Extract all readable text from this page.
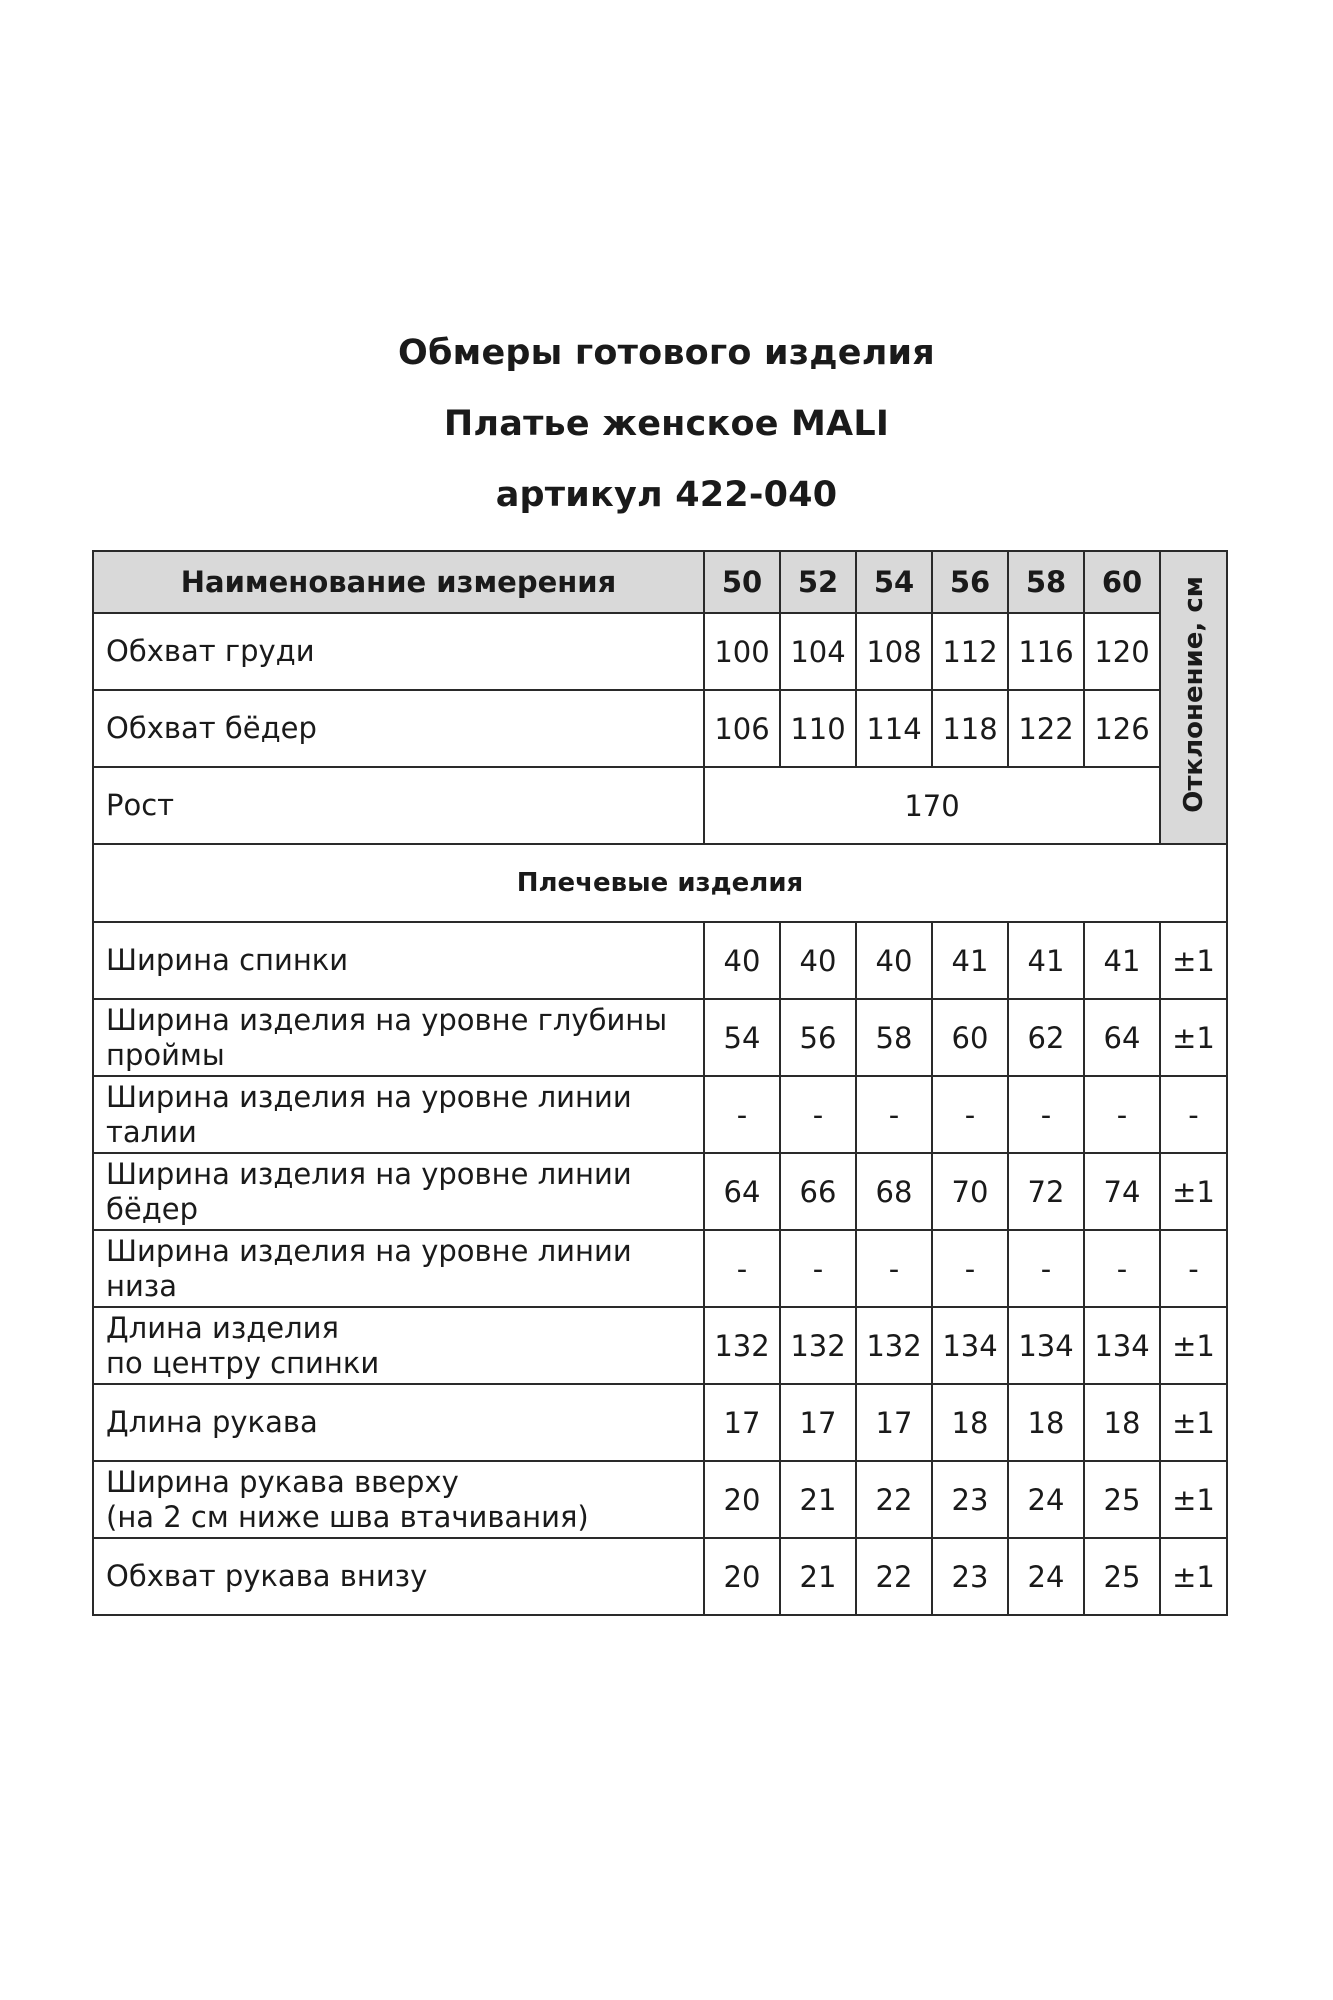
Обмеры готового изделия

Платье женское MALI

артикул 422-040

Наименование измерения	50	52	54	56	58	60	Отклонение, см
Обхват груди	100	104	108	112	116	120	
Обхват бёдер	106	110	114	118	122	126	
Рост	170						
Плечевые изделия							
Ширина спинки	40	40	40	41	41	41	±1
Ширина изделия на уровне глубины
проймы	54	56	58	60	62	64	±1
Ширина изделия на уровне линии
талии	-	-	-	-	-	-	-
Ширина изделия на уровне линии
бёдер	64	66	68	70	72	74	±1
Ширина изделия на уровне линии низа	-	-	-	-	-	-	-
Длина изделия
по центру спинки	132	132	132	134	134	134	±1
Длина рукава	17	17	17	18	18	18	±1
Ширина рукава вверху
(на 2 см ниже шва втачивания)	20	21	22	23	24	25	±1
Обхват рукава внизу	20	21	22	23	24	25	±1
